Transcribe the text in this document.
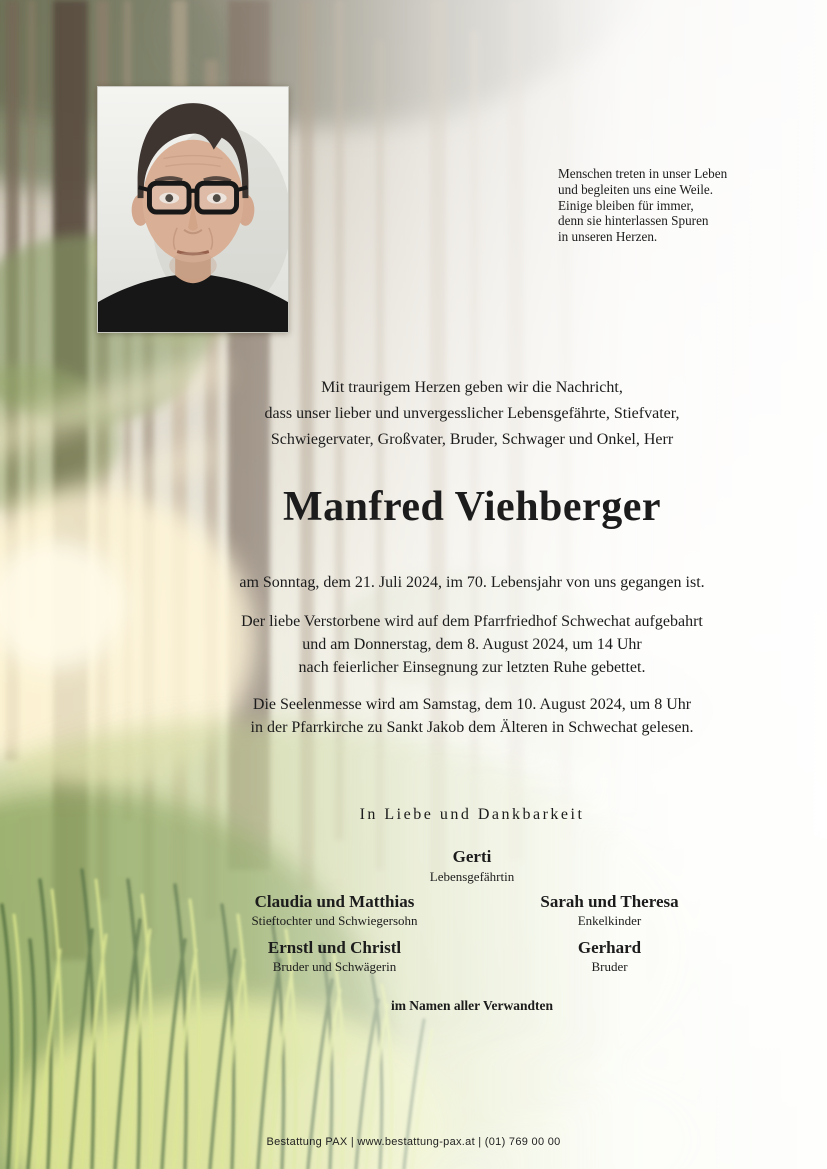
Menschen treten in unser Leben
und begleiten uns eine Weile.
Einige bleiben für immer,
denn sie hinterlassen Spuren
in unseren Herzen.
Mit traurigem Herzen geben wir die Nachricht,
dass unser lieber und unvergesslicher Lebensgefährte, Stiefvater,
Schwiegervater, Großvater, Bruder, Schwager und Onkel, Herr
Manfred Viehberger
am Sonntag, dem 21. Juli 2024, im 70. Lebensjahr von uns gegangen ist.
Der liebe Verstorbene wird auf dem Pfarrfriedhof Schwechat aufgebahrt
und am Donnerstag, dem 8. August 2024, um 14 Uhr
nach feierlicher Einsegnung zur letzten Ruhe gebettet.
Die Seelenmesse wird am Samstag, dem 10. August 2024, um 8 Uhr
in der Pfarrkirche zu Sankt Jakob dem Älteren in Schwechat gelesen.
In Liebe und Dankbarkeit
Gerti
Lebensgefährtin
Claudia und Matthias
Stieftochter und Schwiegersohn
Sarah und Theresa
Enkelkinder
Ernstl und Christl
Bruder und Schwägerin
Gerhard
Bruder
im Namen aller Verwandten
Bestattung PAX | www.bestattung-pax.at | (01) 769 00 00
